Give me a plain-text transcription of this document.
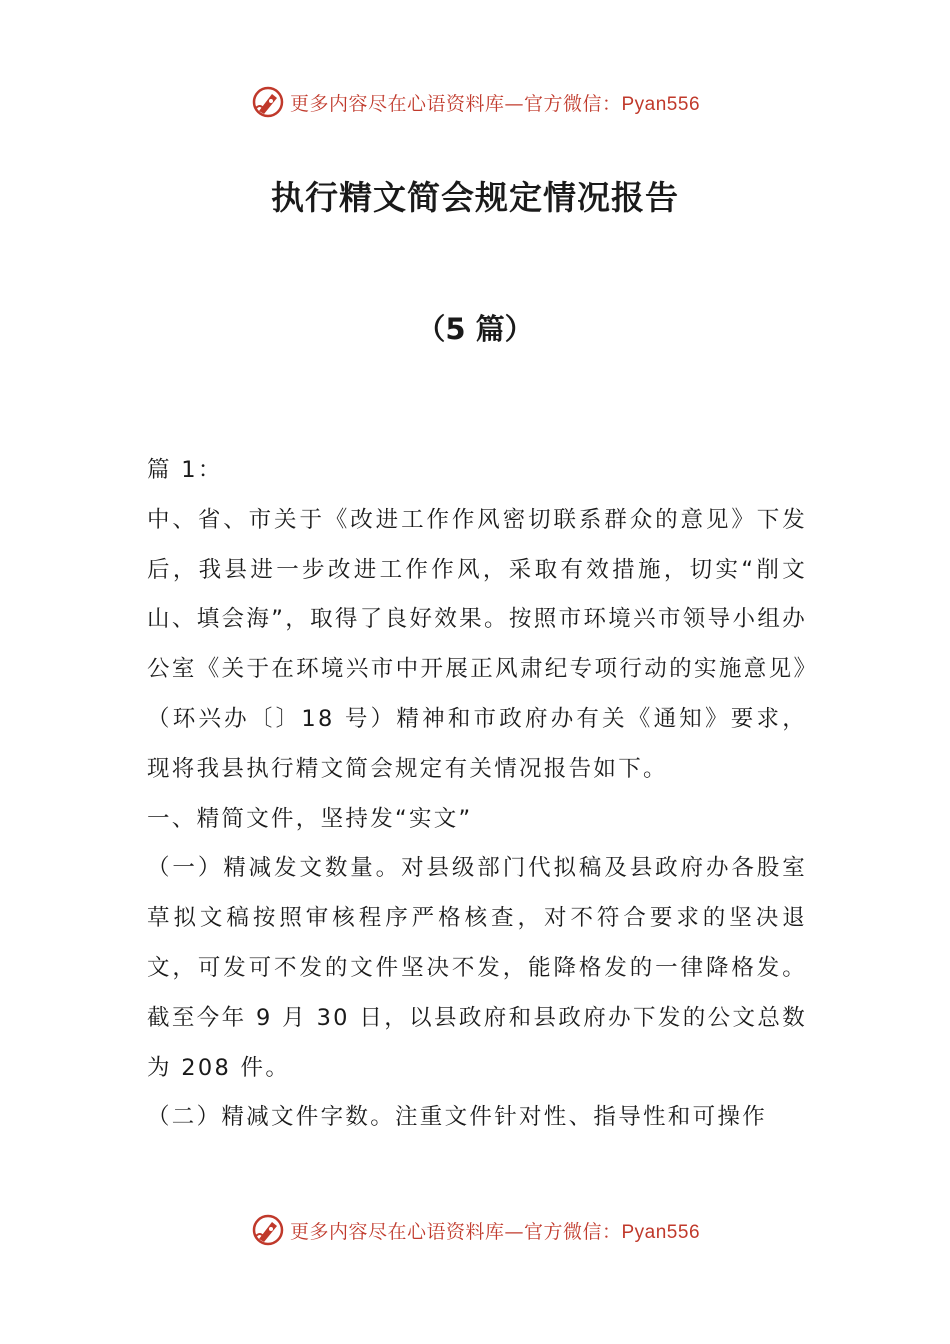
更多内容尽在心语资料库—官方微信：Pyan556
执行精文简会规定情况报告
（5 篇）

篇 1：

中、省、市关于《改进工作作风密切联系群众的意见》下发后，我县进一步改进工作作风，采取有效措施，切实“削文山、填会海”，取得了良好效果。按照市环境兴市领导小组办公室《关于在环境兴市中开展正风肃纪专项行动的实施意见》（环兴办〔〕18 号）精神和市政府办有关《通知》要求，现将我县执行精文简会规定有关情况报告如下。

一、精简文件，坚持发“实文”

（一）精减发文数量。对县级部门代拟稿及县政府办各股室草拟文稿按照审核程序严格核查，对不符合要求的坚决退文，可发可不发的文件坚决不发，能降格发的一律降格发。截至今年 9 月 30 日，以县政府和县政府办下发的公文总数为 208 件。

（二）精减文件字数。注重文件针对性、指导性和可操作

更多内容尽在心语资料库—官方微信：Pyan556
